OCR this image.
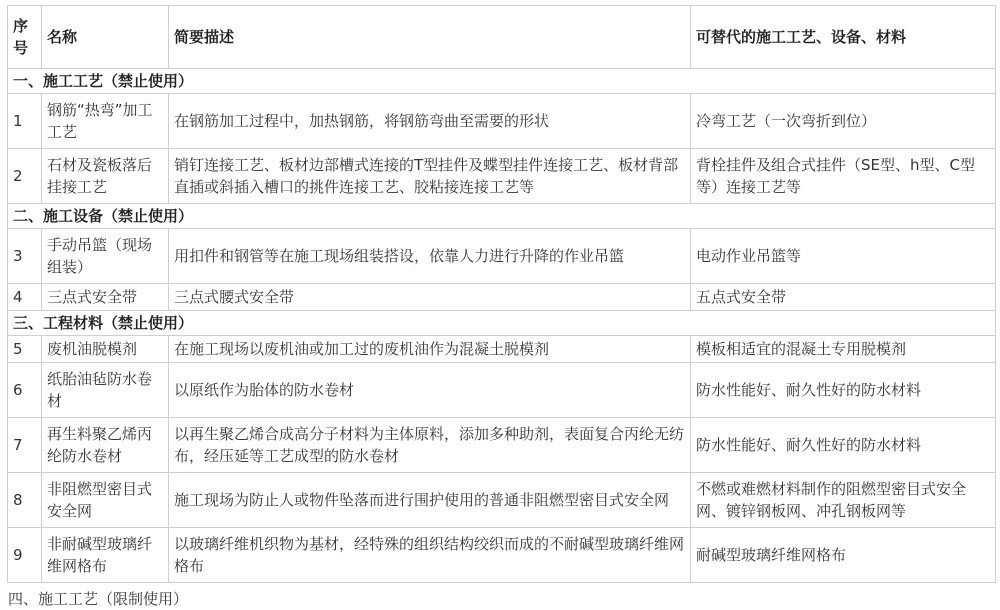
序号	名称	简要描述	可替代的施工工艺、设备、材料
一、施工工艺（禁止使用）			
1	钢筋“热弯”加工工艺	在钢筋加工过程中，加热钢筋，将钢筋弯曲至需要的形状	冷弯工艺（一次弯折到位）
2	石材及瓷板落后挂接工艺	销钉连接工艺、板材边部槽式连接的T型挂件及蝶型挂件连接工艺、板材背部直插或斜插入槽口的挑件连接工艺、胶粘接连接工艺等	背栓挂件及组合式挂件（SE型、h型、C型等）连接工艺等
二、施工设备（禁止使用）			
3	手动吊篮（现场组装）	用扣件和钢管等在施工现场组装搭设，依靠人力进行升降的作业吊篮	电动作业吊篮等
4	三点式安全带	三点式腰式安全带	五点式安全带
三、工程材料（禁止使用）			
5	废机油脱模剂	在施工现场以废机油或加工过的废机油作为混凝土脱模剂	模板相适宜的混凝土专用脱模剂
6	纸胎油毡防水卷材	以原纸作为胎体的防水卷材	防水性能好、耐久性好的防水材料
7	再生料聚乙烯丙纶防水卷材	以再生聚乙烯合成高分子材料为主体原料，添加多种助剂，表面复合丙纶无纺布，经压延等工艺成型的防水卷材	防水性能好、耐久性好的防水材料
8	非阻燃型密目式安全网	施工现场为防止人或物件坠落而进行围护使用的普通非阻燃型密目式安全网	不燃或难燃材料制作的阻燃型密目式安全网、镀锌钢板网、冲孔钢板网等
9	非耐碱型玻璃纤维网格布	以玻璃纤维机织物为基材，经特殊的组织结构绞织而成的不耐碱型玻璃纤维网格布	耐碱型玻璃纤维网格布
四、施工工艺（限制使用）
